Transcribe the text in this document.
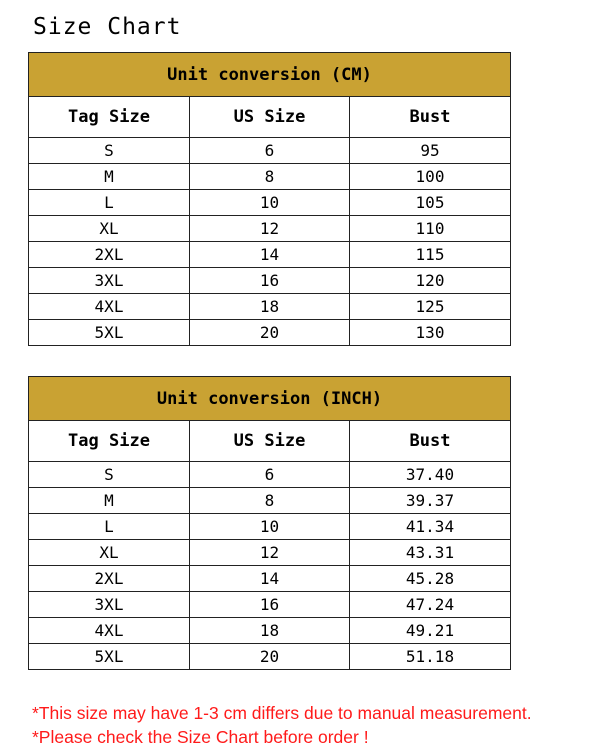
Size Chart
Unit conversion (CM)		
Tag Size	US Size	Bust
S	6	95
M	8	100
L	10	105
XL	12	110
2XL	14	115
3XL	16	120
4XL	18	125
5XL	20	130
Unit conversion (INCH)		
Tag Size	US Size	Bust
S	6	37.40
M	8	39.37
L	10	41.34
XL	12	43.31
2XL	14	45.28
3XL	16	47.24
4XL	18	49.21
5XL	20	51.18
*This size may have 1-3 cm differs due to manual measurement.
*Please check the Size Chart before order !
